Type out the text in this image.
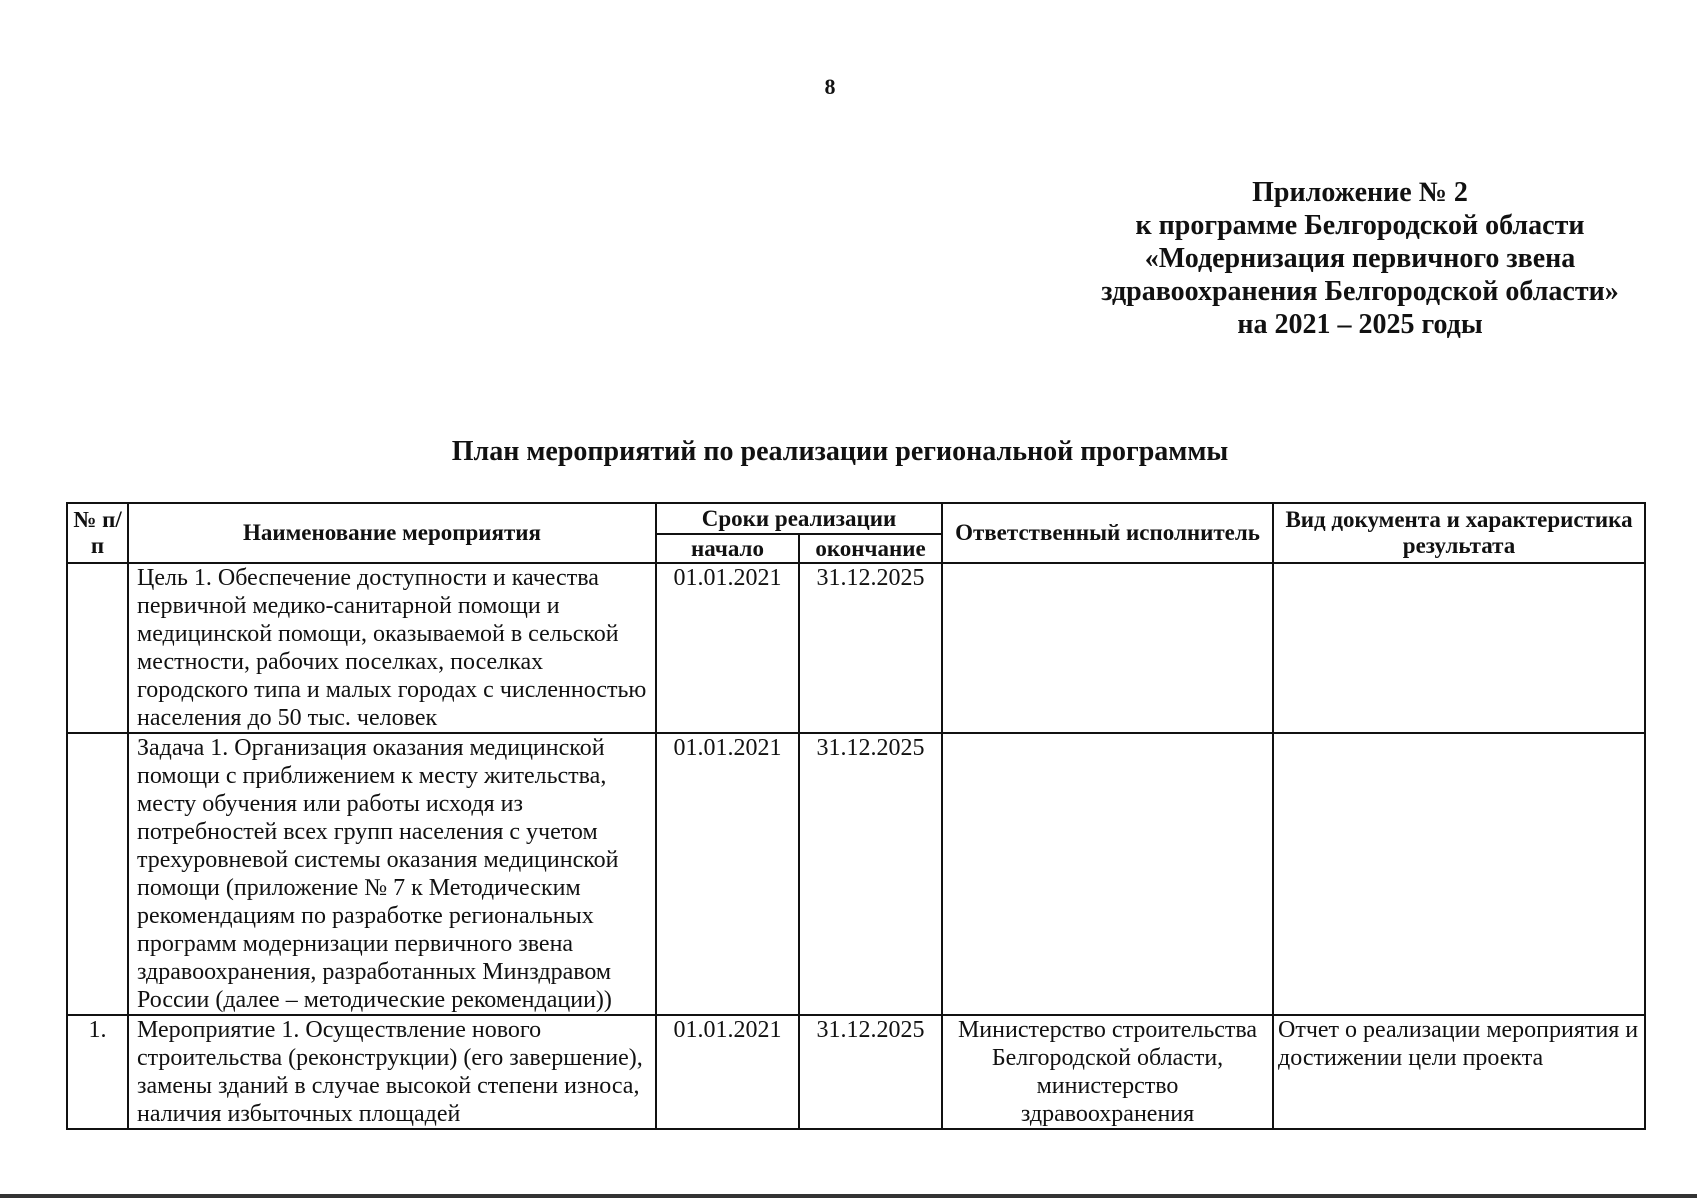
8
Приложение № 2
к программе Белгородской области
«Модернизация первичного звена
здравоохранения Белгородской области»
на 2021 – 2025 годы
План мероприятий по реализации региональной программы
№ п/п	Наименование мероприятия	Сроки реализации		Ответственный исполнитель	Вид документа и характеристика результата
		начало	окончание		
	Цель 1. Обеспечение доступности и качества первичной медико-санитарной помощи и медицинской помощи, оказываемой в сельской местности, рабочих поселках, поселках городского типа и малых городах с численностью населения до 50 тыс. человек	01.01.2021	31.12.2025		
	Задача 1. Организация оказания медицинской помощи с приближением к месту жительства, месту обучения или работы исходя из потребностей всех групп населения с учетом трехуровневой системы оказания медицинской помощи (приложение № 7 к Методическим рекомендациям по разработке региональных программ модернизации первичного звена здравоохранения, разработанных Минздравом России (далее – методические рекомендации))	01.01.2021	31.12.2025		
1.	Мероприятие 1. Осуществление нового строительства (реконструкции) (его завершение), замены зданий в случае высокой степени износа, наличия избыточных площадей	01.01.2021	31.12.2025	Министерство строительства Белгородской области, министерство здравоохранения	Отчет о реализации мероприятия и достижении цели проекта
